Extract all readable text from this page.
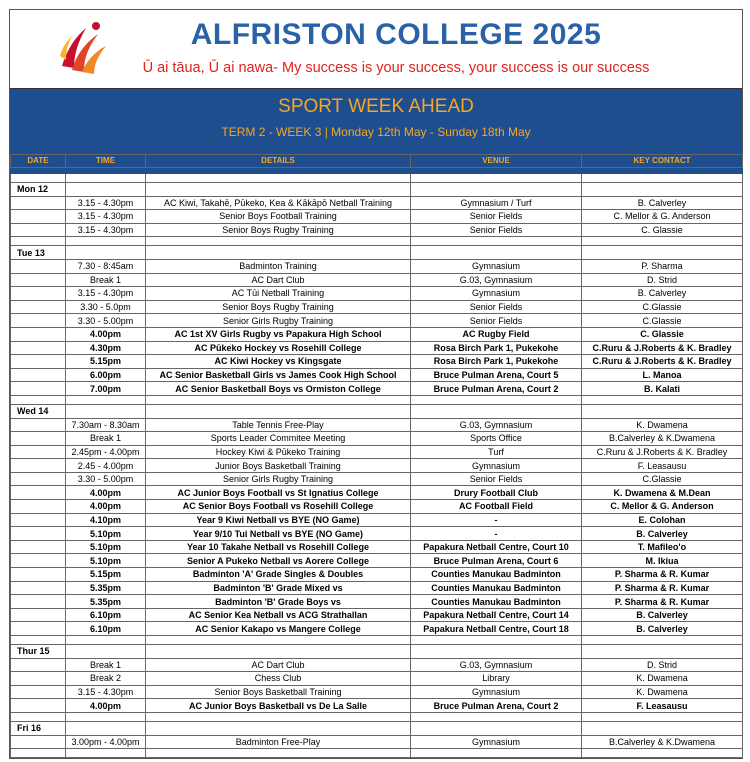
ALFRISTON COLLEGE 2025
Ū ai tāua, Ū ai nawa- My success is your success, your success is our success
SPORT WEEK AHEAD
TERM 2 - WEEK 3 | Monday 12th May - Sunday 18th May
DATE	TIME	DETAILS	VENUE	KEY CONTACT

Mon 12				
	3.15 - 4.30pm	AC Kiwi, Takahē, Pūkeko, Kea & Kākāpō Netball Training	Gymnasium / Turf	B. Calverley
	3.15 - 4.30pm	Senior Boys Football Training	Senior Fields	C. Mellor & G. Anderson
	3.15 - 4.30pm	Senior Boys Rugby Training	Senior Fields	C. Glassie

Tue 13				
	7.30 - 8:45am	Badminton Training	Gymnasium	P. Sharma
	Break 1	AC Dart Club	G.03, Gymnasium	D. Strid
	3.15 - 4.30pm	AC Tūi Netball Training	Gymnasium	B. Calverley
	3.30 - 5.0pm	Senior Boys Rugby Training	Senior Fields	C.Glassie
	3.30 - 5.00pm	Senior Girls Rugby Training	Senior Fields	C.Glassie
	4.00pm	AC 1st XV Girls Rugby vs Papakura High School	AC Rugby Field	C. Glassie
	4.30pm	AC Pūkeko Hockey vs Rosehill College	Rosa Birch Park 1, Pukekohe	C.Ruru & J.Roberts & K. Bradley
	5.15pm	AC Kiwi Hockey vs Kingsgate	Rosa Birch Park 1, Pukekohe	C.Ruru & J.Roberts & K. Bradley
	6.00pm	AC Senior Basketball Girls vs James Cook High School	Bruce Pulman Arena, Court 5	L. Manoa
	7.00pm	AC Senior Basketball Boys vs Ormiston College	Bruce Pulman Arena, Court 2	B. Kalati

Wed 14				
	7.30am - 8.30am	Table Tennis Free-Play	G.03, Gymnasium	K. Dwamena
	Break 1	Sports Leader Commitee Meeting	Sports Office	B.Calverley & K.Dwamena
	2.45pm - 4.00pm	Hockey Kiwi & Pūkeko Training	Turf	C.Ruru & J.Roberts & K. Bradley
	2.45 - 4.00pm	Junior Boys Basketball Training	Gymnasium	F. Leasausu
	3.30 - 5.00pm	Senior Girls Rugby Training	Senior Fields	C.Glassie
	4.00pm	AC Junior Boys Football vs St Ignatius College	Drury Football Club	K. Dwamena & M.Dean
	4.00pm	AC Senior Boys Football vs Rosehill College	AC Football Field	C. Mellor & G. Anderson
	4.10pm	Year 9 Kiwi Netball vs BYE (NO Game)	-	E. Colohan
	5.10pm	Year 9/10 Tui Netball vs BYE (NO Game)	-	B. Calverley
	5.10pm	Year 10 Takahe Netball vs Rosehill College	Papakura Netball Centre, Court 10	T. Mafileo'o
	5.10pm	Senior A Pukeko Netball vs Aorere College	Bruce Pulman Arena, Court 6	M. Ikiua
	5.15pm	Badminton 'A' Grade Singles & Doubles	Counties Manukau Badminton	P. Sharma & R. Kumar
	5.35pm	Badminton 'B' Grade Mixed vs	Counties Manukau Badminton	P. Sharma & R. Kumar
	5.35pm	Badminton 'B' Grade Boys vs	Counties Manukau Badminton	P. Sharma & R. Kumar
	6.10pm	AC Senior Kea Netball vs ACG Strathallan	Papakura Netball Centre, Court 14	B. Calverley
	6.10pm	AC Senior Kakapo vs Mangere College	Papakura Netball Centre, Court 18	B. Calverley

Thur 15				
	Break 1	AC Dart Club	G.03, Gymnasium	D. Strid
	Break 2	Chess Club	Library	K. Dwamena
	3.15 - 4.30pm	Senior Boys Basketball Training	Gymnasium	K. Dwamena
	4.00pm	AC Junior Boys Basketball vs De La Salle	Bruce Pulman Arena, Court 2	F. Leasausu

Fri 16				
	3.00pm - 4.00pm	Badminton Free-Play	Gymnasium	B.Calverley & K.Dwamena
